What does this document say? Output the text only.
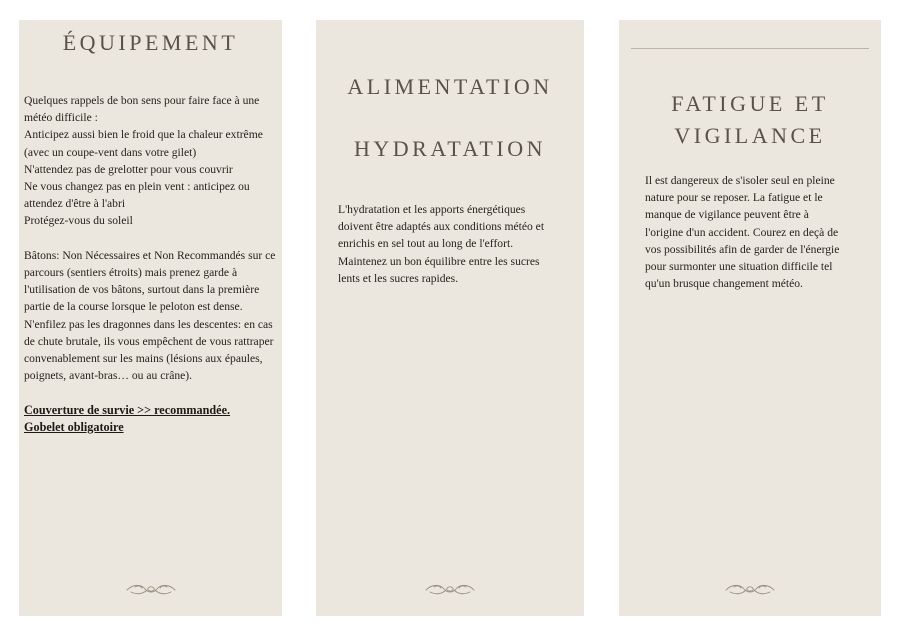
ÉQUIPEMENT

Quelques rappels de bon sens pour faire face à une météo difficile :

Anticipez aussi bien le froid que la chaleur extrême (avec un coupe-vent dans votre gilet)

N'attendez pas de grelotter pour vous couvrir

Ne vous changez pas en plein vent : anticipez ou attendez d'être à l'abri

Protégez-vous du soleil

Bâtons: Non Nécessaires et Non Recommandés sur ce parcours (sentiers étroits) mais prenez garde à l'utilisation de vos bâtons, surtout dans la première partie de la course lorsque le peloton est dense. N'enfilez pas les dragonnes dans les descentes: en cas de chute brutale, ils vous empêchent de vous rattraper convenablement sur les mains (lésions aux épaules, poignets, avant-bras… ou au crâne).

Couverture de survie >> recommandée.

Gobelet obligatoire

ALIMENTATION
HYDRATATION

L'hydratation et les apports énergétiques doivent être adaptés aux conditions météo et enrichis en sel tout au long de l'effort. Maintenez un bon équilibre entre les sucres lents et les sucres rapides.

FATIGUE ET
VIGILANCE

Il est dangereux de s'isoler seul en pleine nature pour se reposer. La fatigue et le manque de vigilance peuvent être à l'origine d'un accident. Courez en deçà de vos possibilités afin de garder de l'énergie pour surmonter une situation difficile tel qu'un brusque changement météo.
